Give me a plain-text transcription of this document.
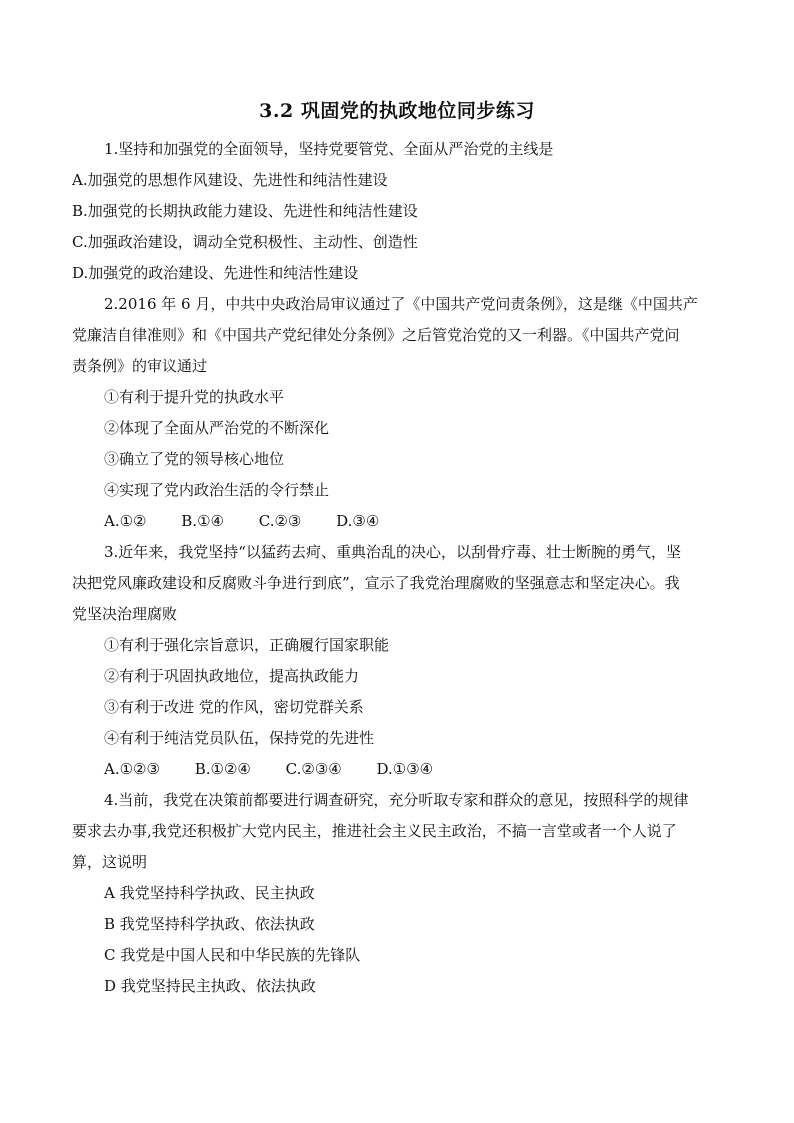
3.2 巩固党的执政地位同步练习
1.坚持和加强党的全面领导，坚持党要管党、全面从严治党的主线是
A.加强党的思想作风建设、先进性和纯洁性建设
B.加强党的长期执政能力建设、先进性和纯洁性建设
C.加强政治建设，调动全党积极性、主动性、创造性
D.加强党的政治建设、先进性和纯洁性建设
2.2016 年 6 月，中共中央政治局审议通过了《中国共产党问责条例》，这是继《中国共产
党廉洁自律准则》和《中国共产党纪律处分条例》之后管党治党的又一利器。《中国共产党问
责条例》的审议通过
①有利于提升党的执政水平
②体现了全面从严治党的不断深化
③确立了党的领导核心地位
④实现了党内政治生活的令行禁止
A.①② B.①④ C.②③ D.③④
3.近年来，我党坚持“以猛药去疴、重典治乱的决心，以刮骨疗毒、壮士断腕的勇气，坚
决把党风廉政建设和反腐败斗争进行到底”，宣示了我党治理腐败的坚强意志和坚定决心。我
党坚决治理腐败
①有利于强化宗旨意识，正确履行国家职能
②有利于巩固执政地位，提高执政能力
③有利于改进 党的作风，密切党群关系
④有利于纯洁党员队伍，保持党的先进性
A.①②③ B.①②④ C.②③④ D.①③④
4.当前，我党在决策前都要进行调查研究，充分听取专家和群众的意见，按照科学的规律
要求去办事,我党还积极扩大党内民主，推进社会主义民主政治，不搞一言堂或者一个人说了
算，这说明
A 我党坚持科学执政、民主执政
B 我党坚持科学执政、依法执政
C 我党是中国人民和中华民族的先锋队
D 我党坚持民主执政、依法执政
